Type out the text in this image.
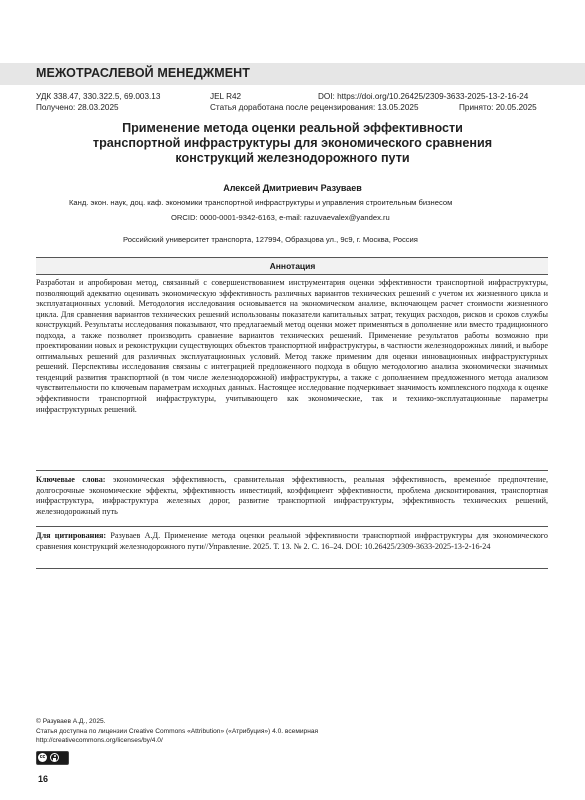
МЕЖОТРАСЛЕВОЙ МЕНЕДЖМЕНТ
УДК 338.47, 330.322.5, 69.003.13	JEL R42	DOI: https://doi.org/10.26425/2309-3633-2025-13-2-16-24
Получено: 28.03.2025	Статья доработана после рецензирования: 13.05.2025	Принято: 20.05.2025
Применение метода оценки реальной эффективности
транспортной инфраструктуры для экономического сравнения
конструкций железнодорожного пути
Алексей Дмитриевич Разуваев
Канд. экон. наук, доц. каф. экономики транспортной инфраструктуры и управления строительным бизнесом
ORCID: 0000-0001-9342-6163, e-mail: razuvaevalex@yandex.ru
Российский университет транспорта, 127994, Образцова ул., 9с9, г. Москва, Россия
Аннотация

Разработан и апробирован метод, связанный с совершенствованием инструментария оценки эффективности транспортной инфраструктуры, позволяющий адекватно оценивать экономическую эффективность различных вариантов технических решений с учетом их жизненного цикла и эксплуатационных условий. Методология исследования основывается на экономическом анализе, включающем расчет стоимости жизненного цикла. Для сравнения вариантов технических решений использованы показатели капитальных затрат, текущих расходов, рисков и сроков службы конструкций. Результаты исследования показывают, что предлагаемый метод оценки может применяться в дополнение или вместо традиционного подхода, а также позволяет производить сравнение вариантов технических решений. Применение результатов работы возможно при проектировании новых и реконструкции существующих объектов транспортной инфраструктуры, в частности железнодорожных линий, и выборе оптимальных решений для различных эксплуатационных условий. Метод также применим для оценки инновационных инфраструктурных решений. Перспективы исследования связаны с интеграцией предложенного подхода в общую методологию анализа экономически значимых тенденций развития транспортной (в том числе железнодорожной) инфраструктуры, а также с дополнением предложенного метода анализом чувствительности по ключевым параметрам исходных данных. Настоящее исследование подчеркивает значимость комплексного подхода к оценке эффективности транспортной инфраструктуры, учитывающего как экономические, так и технико-эксплуатационные параметры инфраструктурных решений.

Ключевые слова: экономическая эффективность, сравнительная эффективность, реальная эффективность, временно́е предпочтение, долгосрочные экономические эффекты, эффективность инвестиций, коэффициент эффективности, проблема дисконтирования, транспортная инфраструктура, инфраструктура железных дорог, развитие транспортной инфраструктуры, эффективность технических решений, железнодорожный путь
Для цитирования: Разуваев А.Д. Применение метода оценки реальной эффективности транспортной инфраструктуры для экономического сравнения конструкций железнодорожного пути//Управление. 2025. Т. 13. № 2. С. 16–24. DOI: 10.26425/2309-3633-2025-13-2-16-24
© Разуваев А.Д., 2025.
Статья доступна по лицензии Creative Commons «Attribution» («Атрибуция») 4.0. всемирная
http://creativecommons.org/licenses/by/4.0/
cc
16
